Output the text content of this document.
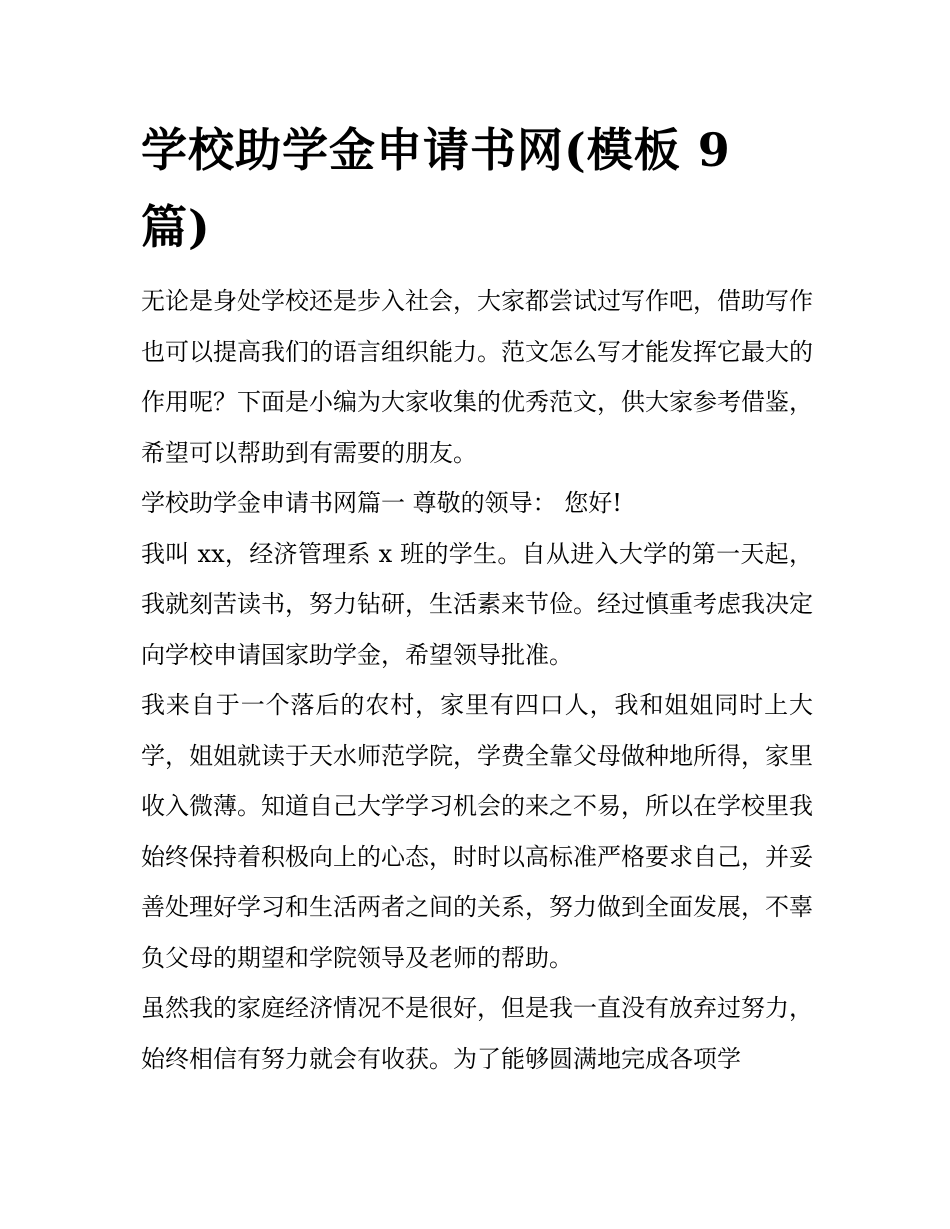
学校助学金申请书网(模板 9 篇)

无论是身处学校还是步入社会，大家都尝试过写作吧，借助写作也可以提高我们的语言组织能力。范文怎么写才能发挥它最大的作用呢？下面是小编为大家收集的优秀范文，供大家参考借鉴，希望可以帮助到有需要的朋友。

学校助学金申请书网篇一 尊敬的领导： 您好!

我叫 xx，经济管理系 x 班的学生。自从进入大学的第一天起，我就刻苦读书，努力钻研，生活素来节俭。经过慎重考虑我决定向学校申请国家助学金，希望领导批准。

我来自于一个落后的农村，家里有四口人，我和姐姐同时上大学，姐姐就读于天水师范学院，学费全靠父母做种地所得，家里收入微薄。知道自己大学学习机会的来之不易，所以在学校里我始终保持着积极向上的心态，时时以高标准严格要求自己，并妥善处理好学习和生活两者之间的关系，努力做到全面发展，不辜负父母的期望和学院领导及老师的帮助。

虽然我的家庭经济情况不是很好，但是我一直没有放弃过努力，始终相信有努力就会有收获。为了能够圆满地完成各项学
